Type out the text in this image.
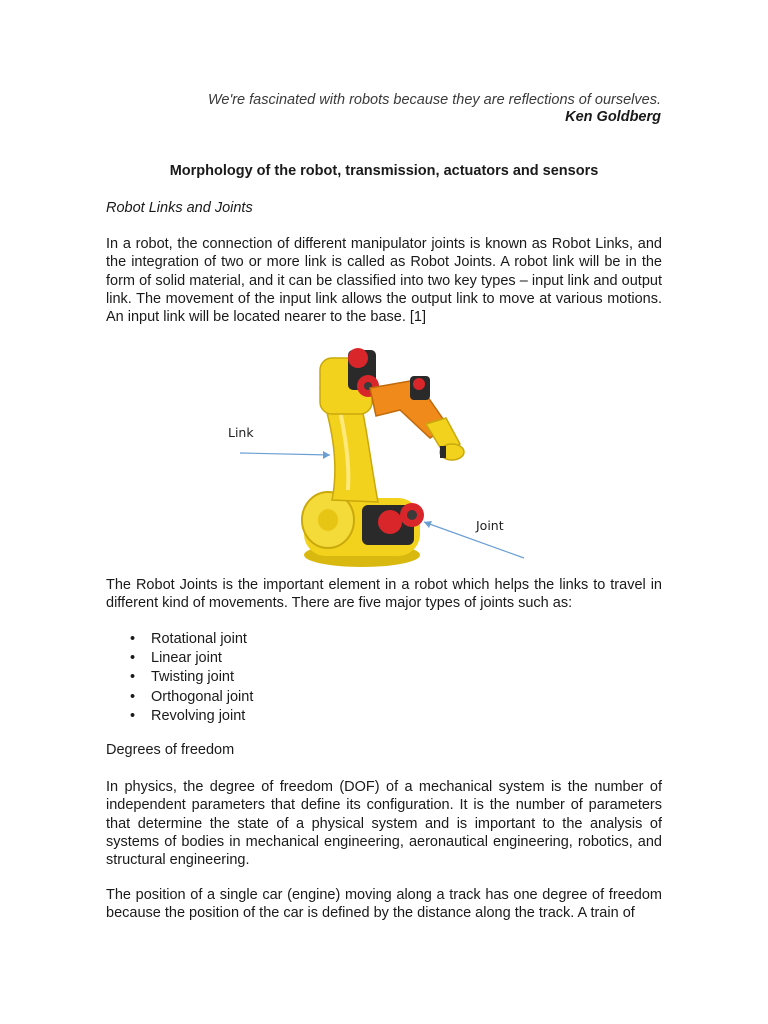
We're fascinated with robots because they are reflections of ourselves.
Ken Goldberg
Morphology of the robot, transmission, actuators and sensors
Robot Links and Joints

In a robot, the connection of different manipulator joints is known as Robot Links, and the integration of two or more link is called as Robot Joints. A robot link will be in the form of solid material, and it can be classified into two key types – input link and output link. The movement of the input link allows the output link to move at various motions. An input link will be located nearer to the base. [1]

Link
Joint

The Robot Joints is the important element in a robot which helps the links to travel in different kind of movements. There are five major types of joints such as:

• Rotational joint
• Linear joint
• Twisting joint
• Orthogonal joint
• Revolving joint
Degrees of freedom

In physics, the degree of freedom (DOF) of a mechanical system is the number of independent parameters that define its configuration. It is the number of parameters that determine the state of a physical system and is important to the analysis of systems of bodies in mechanical engineering, aeronautical engineering, robotics, and structural engineering.

The position of a single car (engine) moving along a track has one degree of freedom because the position of the car is defined by the distance along the track. A train of
